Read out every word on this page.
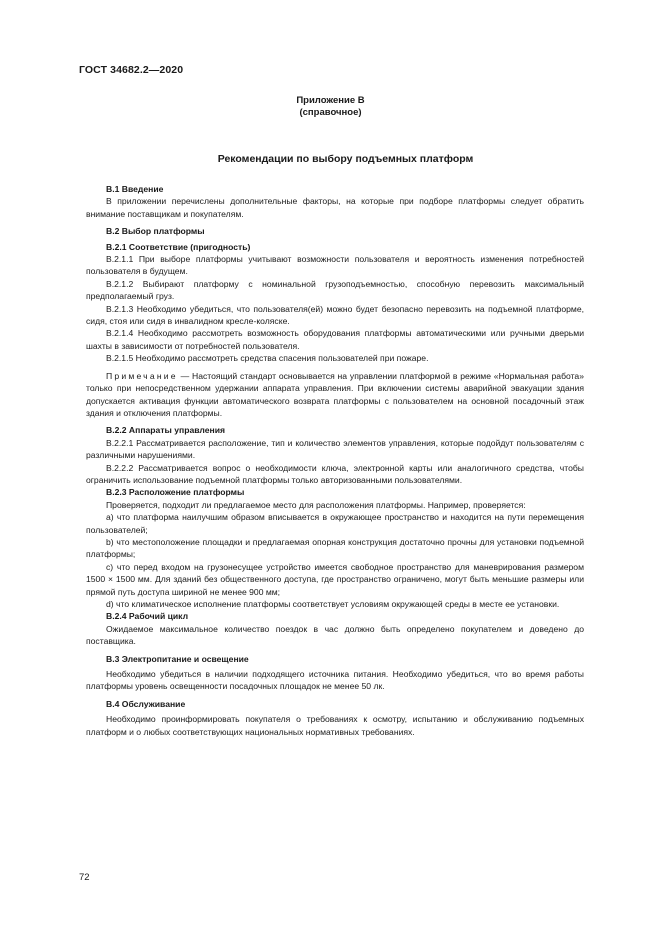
ГОСТ 34682.2—2020
Приложение В
(справочное)
Рекомендации по выбору подъемных платформ
В.1 Введение

В приложении перечислены дополнительные факторы, на которые при подборе платформы следует обратить внимание поставщикам и покупателям.

В.2 Выбор платформы
В.2.1 Соответствие (пригодность)

В.2.1.1 При выборе платформы учитывают возможности пользователя и вероятность изменения потребностей пользователя в будущем.

В.2.1.2 Выбирают платформу с номинальной грузоподъемностью, способную перевозить максимальный предполагаемый груз.

В.2.1.3 Необходимо убедиться, что пользователя(ей) можно будет безопасно перевозить на подъемной платформе, сидя, стоя или сидя в инвалидном кресле-коляске.

В.2.1.4 Необходимо рассмотреть возможность оборудования платформы автоматическими или ручными дверьми шахты в зависимости от потребностей пользователя.

В.2.1.5 Необходимо рассмотреть средства спасения пользователей при пожаре.

Примечание — Настоящий стандарт основывается на управлении платформой в режиме «Нормальная работа» только при непосредственном удержании аппарата управления. При включении системы аварийной эвакуации здания допускается активация функции автоматического возврата платформы с пользователем на основной посадочный этаж здания и отключения платформы.

В.2.2 Аппараты управления

В.2.2.1 Рассматривается расположение, тип и количество элементов управления, которые подойдут пользователям с различными нарушениями.

В.2.2.2 Рассматривается вопрос о необходимости ключа, электронной карты или аналогичного средства, чтобы ограничить использование подъемной платформы только авторизованными пользователями.

В.2.3 Расположение платформы

Проверяется, подходит ли предлагаемое место для расположения платформы. Например, проверяется:

a) что платформа наилучшим образом вписывается в окружающее пространство и находится на пути перемещения пользователей;

b) что местоположение площадки и предлагаемая опорная конструкция достаточно прочны для установки подъемной платформы;

c) что перед входом на грузонесущее устройство имеется свободное пространство для маневрирования размером 1500 × 1500 мм. Для зданий без общественного доступа, где пространство ограничено, могут быть меньшие размеры или прямой путь доступа шириной не менее 900 мм;

d) что климатическое исполнение платформы соответствует условиям окружающей среды в месте ее установки.

В.2.4 Рабочий цикл

Ожидаемое максимальное количество поездок в час должно быть определено покупателем и доведено до поставщика.

В.3 Электропитание и освещение

Необходимо убедиться в наличии подходящего источника питания. Необходимо убедиться, что во время работы платформы уровень освещенности посадочных площадок не менее 50 лк.

В.4 Обслуживание

Необходимо проинформировать покупателя о требованиях к осмотру, испытанию и обслуживанию подъемных платформ и о любых соответствующих национальных нормативных требованиях.

72
